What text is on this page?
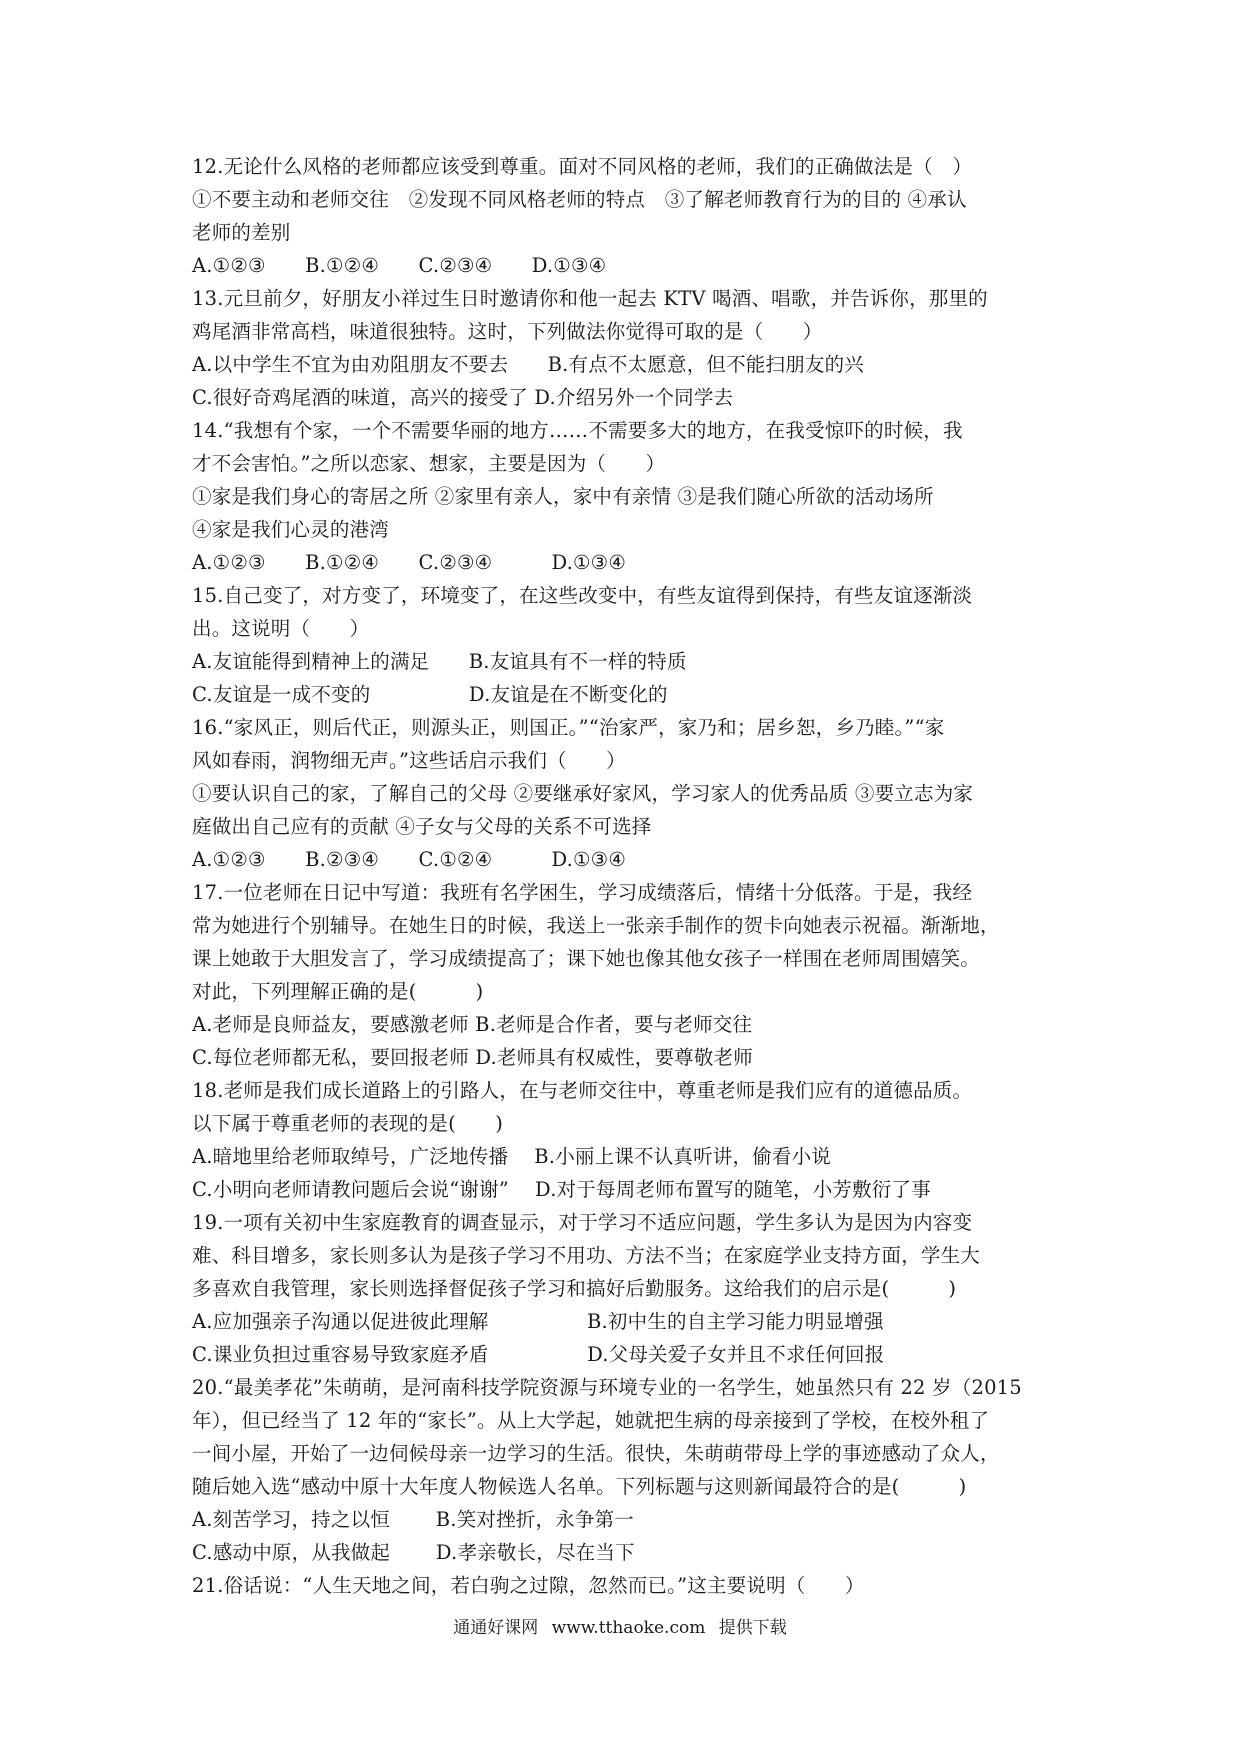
12.无论什么风格的老师都应该受到尊重。面对不同风格的老师，我们的正确做法是（　）
①不要主动和老师交往　②发现不同风格老师的特点　③了解老师教育行为的目的 ④承认
老师的差别
A.①②③　　B.①②④　　C.②③④　　D.①③④
13.元旦前夕，好朋友小祥过生日时邀请你和他一起去 KTV 喝酒、唱歌，并告诉你，那里的
鸡尾酒非常高档，味道很独特。这时，下列做法你觉得可取的是（　　）
A.以中学生不宜为由劝阻朋友不要去　　B.有点不太愿意，但不能扫朋友的兴
C.很好奇鸡尾酒的味道，高兴的接受了 D.介绍另外一个同学去
14.“我想有个家，一个不需要华丽的地方……不需要多大的地方，在我受惊吓的时候，我
才不会害怕。”之所以恋家、想家，主要是因为（　　）
①家是我们身心的寄居之所 ②家里有亲人，家中有亲情 ③是我们随心所欲的活动场所
④家是我们心灵的港湾
A.①②③　　B.①②④　　C.②③④　　　D.①③④
15.自己变了，对方变了，环境变了，在这些改变中，有些友谊得到保持，有些友谊逐渐淡
出。这说明（　　）
A.友谊能得到精神上的满足　　B.友谊具有不一样的特质
C.友谊是一成不变的　　　　　D.友谊是在不断变化的
16.“家风正，则后代正，则源头正，则国正。”“治家严，家乃和；居乡恕，乡乃睦。”“家
风如春雨，润物细无声。”这些话启示我们（　　）
①要认识自己的家，了解自己的父母 ②要继承好家风，学习家人的优秀品质 ③要立志为家
庭做出自己应有的贡献 ④子女与父母的关系不可选择
A.①②③　　B.②③④　　C.①②④　　　D.①③④
17.一位老师在日记中写道：我班有名学困生，学习成绩落后，情绪十分低落。于是，我经
常为她进行个别辅导。在她生日的时候，我送上一张亲手制作的贺卡向她表示祝福。渐渐地，
课上她敢于大胆发言了，学习成绩提高了；课下她也像其他女孩子一样围在老师周围嬉笑。
对此，下列理解正确的是(　　　)
A.老师是良师益友，要感激老师 B.老师是合作者，要与老师交往
C.每位老师都无私，要回报老师 D.老师具有权威性，要尊敬老师
18.老师是我们成长道路上的引路人，在与老师交往中，尊重老师是我们应有的道德品质。
以下属于尊重老师的表现的是(　　)
A.暗地里给老师取绰号，广泛地传播　 B.小丽上课不认真听讲，偷看小说
C.小明向老师请教问题后会说“谢谢”　 D.对于每周老师布置写的随笔，小芳敷衍了事
19.一项有关初中生家庭教育的调查显示，对于学习不适应问题，学生多认为是因为内容变
难、科目增多，家长则多认为是孩子学习不用功、方法不当；在家庭学业支持方面，学生大
多喜欢自我管理，家长则选择督促孩子学习和搞好后勤服务。这给我们的启示是(　　　)
A.应加强亲子沟通以促进彼此理解　　　　　B.初中生的自主学习能力明显增强
C.课业负担过重容易导致家庭矛盾　　　　　D.父母关爱子女并且不求任何回报
20.“最美孝花”朱萌萌，是河南科技学院资源与环境专业的一名学生，她虽然只有 22 岁（2015
年），但已经当了 12 年的“家长”。从上大学起，她就把生病的母亲接到了学校，在校外租了
一间小屋，开始了一边伺候母亲一边学习的生活。很快，朱萌萌带母上学的事迹感动了众人，
随后她入选“感动中原十大年度人物候选人名单。下列标题与这则新闻最符合的是(　　　)
A.刻苦学习，持之以恒　　 B.笑对挫折，永争第一
C.感动中原，从我做起　　 D.孝亲敬长，尽在当下
21.俗话说：“人生天地之间，若白驹之过隙，忽然而已。”这主要说明（　　）
通通好课网 www.tthaoke.com 提供下载
